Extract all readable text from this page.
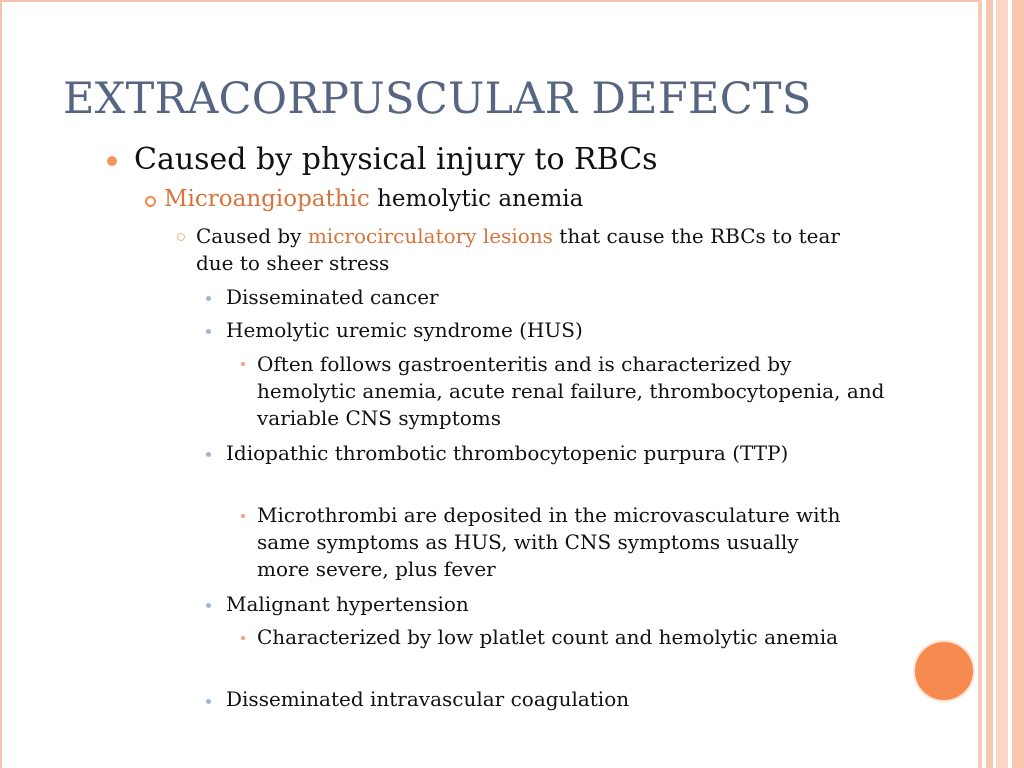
EXTRACORPUSCULAR DEFECTS
Caused by physical injury to RBCs
Microangiopathic hemolytic anemia
Caused by microcirculatory lesions that cause the RBCs to tear due to sheer stress
Disseminated cancer
Hemolytic uremic syndrome (HUS)
Often follows gastroenteritis and is characterized by hemolytic anemia, acute renal failure, thrombocytopenia, and variable CNS symptoms
Idiopathic thrombotic thrombocytopenic purpura (TTP)
Microthrombi are deposited in the microvasculature with same symptoms as HUS, with CNS symptoms usually more severe, plus fever
Malignant hypertension
Characterized by low platlet count and hemolytic anemia
Disseminated intravascular coagulation
